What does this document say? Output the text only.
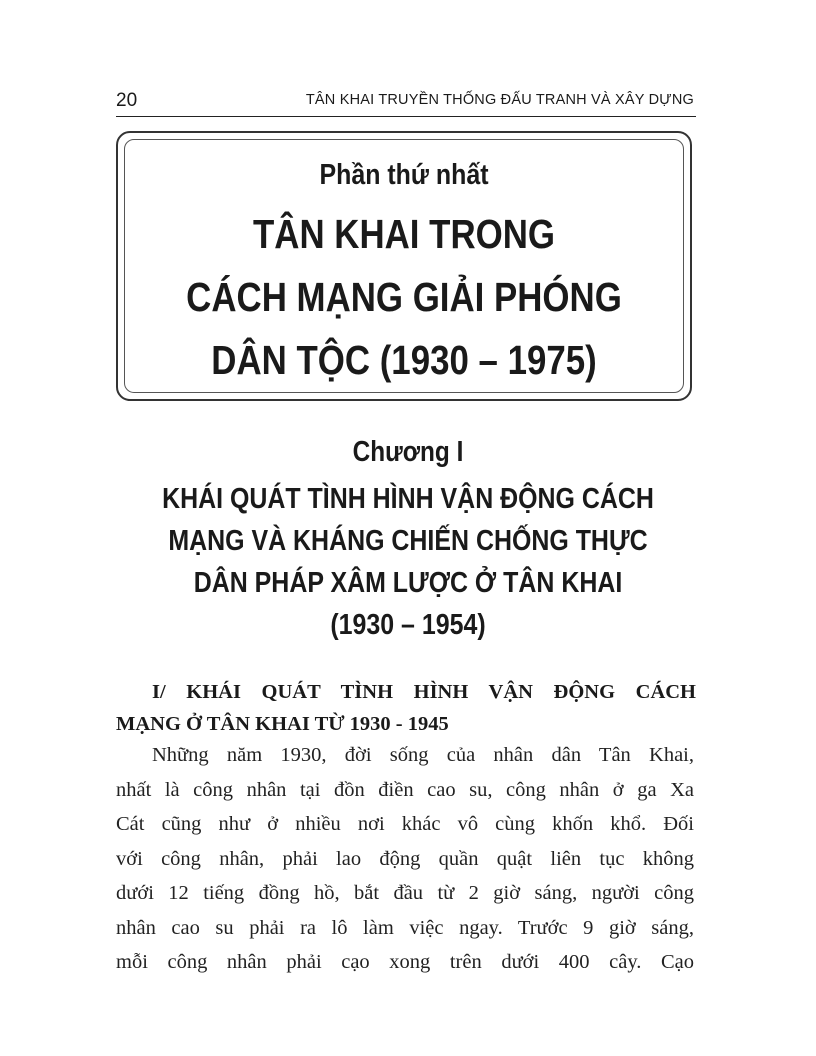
20	TÂN KHAI TRUYỀN THỐNG ĐẤU TRANH VÀ XÂY DỰNG
Phần thứ nhất
TÂN KHAI TRONG
CÁCH MẠNG GIẢI PHÓNG
DÂN TỘC (1930 – 1975)
Chương I
KHÁI QUÁT TÌNH HÌNH VẬN ĐỘNG CÁCH
MẠNG VÀ KHÁNG CHIẾN CHỐNG THỰC
DÂN PHÁP XÂM LƯỢC Ở TÂN KHAI
(1930 – 1954)
I/ KHÁI QUÁT TÌNH HÌNH VẬN ĐỘNG CÁCH
MẠNG Ở TÂN KHAI TỪ 1930 - 1945
Những năm 1930, đời sống của nhân dân Tân Khai,
nhất là công nhân tại đồn điền cao su, công nhân ở ga Xa
Cát cũng như ở nhiều nơi khác vô cùng khốn khổ. Đối
với công nhân, phải lao động quần quật liên tục không
dưới 12 tiếng đồng hồ, bắt đầu từ 2 giờ sáng, người công
nhân cao su phải ra lô làm việc ngay. Trước 9 giờ sáng,
mỗi công nhân phải cạo xong trên dưới 400 cây. Cạo
